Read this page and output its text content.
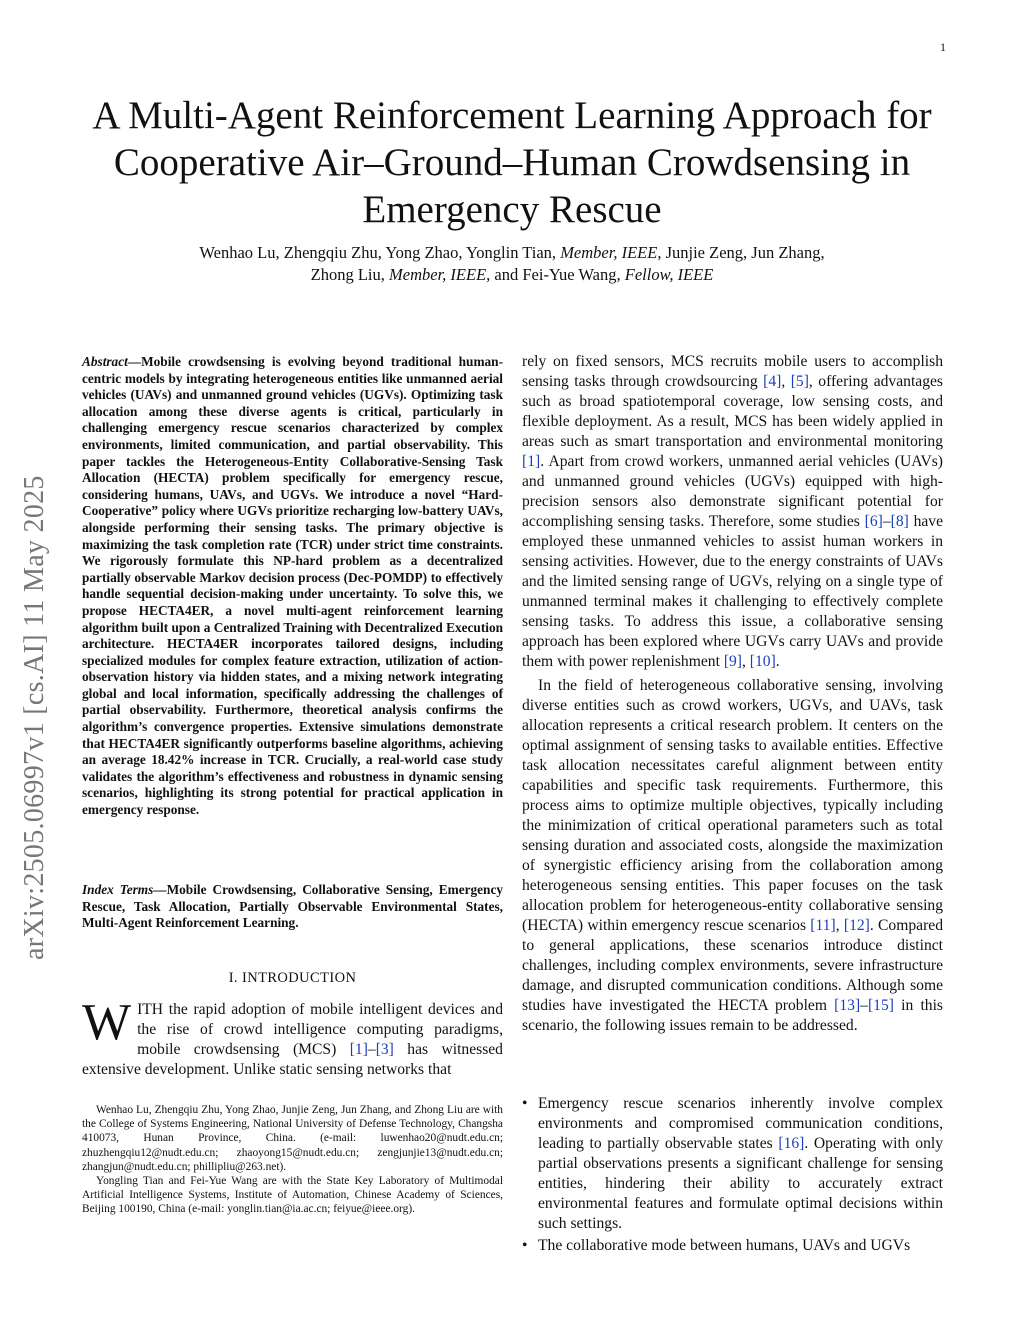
1
arXiv:2505.06997v1 [cs.AI] 11 May 2025
A Multi-Agent Reinforcement Learning Approach for Cooperative Air–Ground–Human Crowdsensing in Emergency Rescue
Wenhao Lu, Zhengqiu Zhu, Yong Zhao, Yonglin Tian, Member, IEEE, Junjie Zeng, Jun Zhang,
Zhong Liu, Member, IEEE, and Fei-Yue Wang, Fellow, IEEE
Abstract—Mobile crowdsensing is evolving beyond traditional human-centric models by integrating heterogeneous entities like unmanned aerial vehicles (UAVs) and unmanned ground vehicles (UGVs). Optimizing task allocation among these diverse agents is critical, particularly in challenging emergency rescue scenarios characterized by complex environments, limited communication, and partial observability. This paper tackles the Heterogeneous-Entity Collaborative-Sensing Task Allocation (HECTA) problem specifically for emergency rescue, considering humans, UAVs, and UGVs. We introduce a novel “Hard-Cooperative” policy where UGVs prioritize recharging low-battery UAVs, alongside performing their sensing tasks. The primary objective is maximizing the task completion rate (TCR) under strict time constraints. We rigorously formulate this NP-hard problem as a decentralized partially observable Markov decision process (Dec-POMDP) to effectively handle sequential decision-making under uncertainty. To solve this, we propose HECTA4ER, a novel multi-agent reinforcement learning algorithm built upon a Centralized Training with Decentralized Execution architecture. HECTA4ER incorporates tailored designs, including specialized modules for complex feature extraction, utilization of action-observation history via hidden states, and a mixing network integrating global and local information, specifically addressing the challenges of partial observability. Furthermore, theoretical analysis confirms the algorithm’s convergence properties. Extensive simulations demonstrate that HECTA4ER significantly outperforms baseline algorithms, achieving an average 18.42% increase in TCR. Crucially, a real-world case study validates the algorithm’s effectiveness and robustness in dynamic sensing scenarios, highlighting its strong potential for practical application in emergency response.
Index Terms—Mobile Crowdsensing, Collaborative Sensing, Emergency Rescue, Task Allocation, Partially Observable Environmental States, Multi-Agent Reinforcement Learning.
I. INTRODUCTION
WITH the rapid adoption of mobile intelligent devices and the rise of crowd intelligence computing paradigms, mobile crowdsensing (MCS) [1]–[3] has witnessed extensive development. Unlike static sensing networks that

Wenhao Lu, Zhengqiu Zhu, Yong Zhao, Junjie Zeng, Jun Zhang, and Zhong Liu are with the College of Systems Engineering, National University of Defense Technology, Changsha 410073, Hunan Province, China. (e-mail: luwenhao20@nudt.edu.cn; zhuzhengqiu12@nudt.edu.cn; zhaoyong15@nudt.edu.cn; zengjunjie13@nudt.edu.cn; zhangjun@nudt.edu.cn; phillipliu@263.net).

Yongling Tian and Fei-Yue Wang are with the State Key Laboratory of Multimodal Artificial Intelligence Systems, Institute of Automation, Chinese Academy of Sciences, Beijing 100190, China (e-mail: yonglin.tian@ia.ac.cn; feiyue@ieee.org).

rely on fixed sensors, MCS recruits mobile users to accomplish sensing tasks through crowdsourcing [4], [5], offering advantages such as broad spatiotemporal coverage, low sensing costs, and flexible deployment. As a result, MCS has been widely applied in areas such as smart transportation and environmental monitoring [1]. Apart from crowd workers, unmanned aerial vehicles (UAVs) and unmanned ground vehicles (UGVs) equipped with high-precision sensors also demonstrate significant potential for accomplishing sensing tasks. Therefore, some studies [6]–[8] have employed these unmanned vehicles to assist human workers in sensing activities. However, due to the energy constraints of UAVs and the limited sensing range of UGVs, relying on a single type of unmanned terminal makes it challenging to effectively complete sensing tasks. To address this issue, a collaborative sensing approach has been explored where UGVs carry UAVs and provide them with power replenishment [9], [10].

In the field of heterogeneous collaborative sensing, involving diverse entities such as crowd workers, UGVs, and UAVs, task allocation represents a critical research problem. It centers on the optimal assignment of sensing tasks to available entities. Effective task allocation necessitates careful alignment between entity capabilities and specific task requirements. Furthermore, this process aims to optimize multiple objectives, typically including the minimization of critical operational parameters such as total sensing duration and associated costs, alongside the maximization of synergistic efficiency arising from the collaboration among heterogeneous sensing entities. This paper focuses on the task allocation problem for heterogeneous-entity collaborative sensing (HECTA) within emergency rescue scenarios [11], [12]. Compared to general applications, these scenarios introduce distinct challenges, including complex environments, severe infrastructure damage, and disrupted communication conditions. Although some studies have investigated the HECTA problem [13]–[15] in this scenario, the following issues remain to be addressed.

• Emergency rescue scenarios inherently involve complex environments and compromised communication conditions, leading to partially observable states [16]. Operating with only partial observations presents a significant challenge for sensing entities, hindering their ability to accurately extract environmental features and formulate optimal decisions within such settings.
• The collaborative mode between humans, UAVs and UGVs
